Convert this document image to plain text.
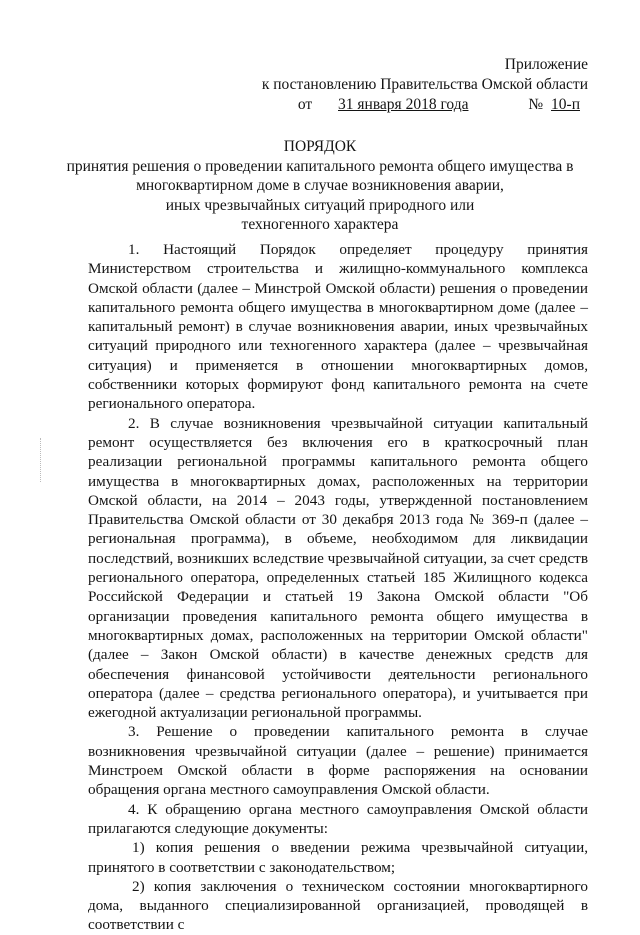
Приложение
к постановлению Правительства Омской области
от 31 января 2018 года	№ 10-п
ПОРЯДОК
принятия решения о проведении капитального ремонта общего имущества в
многоквартирном доме в случае возникновения аварии,
иных чрезвычайных ситуаций природного или
техногенного характера

1. Настоящий Порядок определяет процедуру принятия Министерством строительства и жилищно-коммунального комплекса Омской области (далее – Минстрой Омской области) решения о проведении капитального ремонта общего имущества в многоквартирном доме (далее – капитальный ремонт) в случае возникновения аварии, иных чрезвычайных ситуаций природного или техногенного характера (далее – чрезвычайная ситуация) и применяется в отношении многоквартирных домов, собственники которых формируют фонд капитального ремонта на счете регионального оператора.

2. В случае возникновения чрезвычайной ситуации капитальный ремонт осуществляется без включения его в краткосрочный план реализации региональной программы капитального ремонта общего имущества в многоквартирных домах, расположенных на территории Омской области, на 2014 – 2043 годы, утвержденной постановлением Правительства Омской области от 30 декабря 2013 года № 369-п (далее – региональная программа), в объеме, необходимом для ликвидации последствий, возникших вследствие чрезвычайной ситуации, за счет средств регионального оператора, определенных статьей 185 Жилищного кодекса Российской Федерации и статьей 19 Закона Омской области "Об организации проведения капитального ремонта общего имущества в многоквартирных домах, расположенных на территории Омской области" (далее – Закон Омской области) в качестве денежных средств для обеспечения финансовой устойчивости деятельности регионального оператора (далее – средства регионального оператора), и учитывается при ежегодной актуализации региональной программы.

3. Решение о проведении капитального ремонта в случае возникновения чрезвычайной ситуации (далее – решение) принимается Минстроем Омской области в форме распоряжения на основании обращения органа местного самоуправления Омской области.

4. К обращению органа местного самоуправления Омской области прилагаются следующие документы:

1) копия решения о введении режима чрезвычайной ситуации, принятого в соответствии с законодательством;

2) копия заключения о техническом состоянии многоквартирного дома, выданного специализированной организацией, проводящей в соответствии с
